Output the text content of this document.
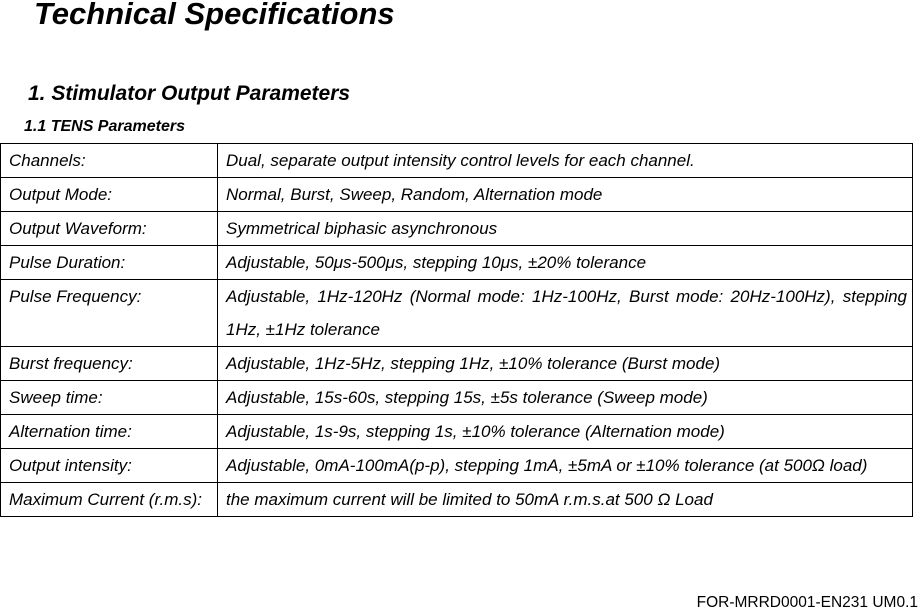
Technical Specifications
1. Stimulator Output Parameters
1.1 TENS Parameters
Channels:	Dual, separate output intensity control levels for each channel.
Output Mode:	Normal, Burst, Sweep, Random, Alternation mode
Output Waveform:	Symmetrical biphasic asynchronous
Pulse Duration:	Adjustable, 50μs-500μs, stepping 10μs, ±20% tolerance
Pulse Frequency:	Adjustable, 1Hz-120Hz (Normal mode: 1Hz-100Hz, Burst mode: 20Hz-100Hz), stepping 1Hz, ±1Hz tolerance
Burst frequency:	Adjustable, 1Hz-5Hz, stepping 1Hz, ±10% tolerance (Burst mode)
Sweep time:	Adjustable, 15s-60s, stepping 15s, ±5s tolerance (Sweep mode)
Alternation time:	Adjustable, 1s-9s, stepping 1s, ±10% tolerance (Alternation mode)
Output intensity:	Adjustable, 0mA-100mA(p-p), stepping 1mA, ±5mA or ±10% tolerance (at 500Ω load)
Maximum Current (r.m.s):	the maximum current will be limited to 50mA r.m.s.at 500 Ω Load
FOR-MRRD0001-EN231 UM0.1
